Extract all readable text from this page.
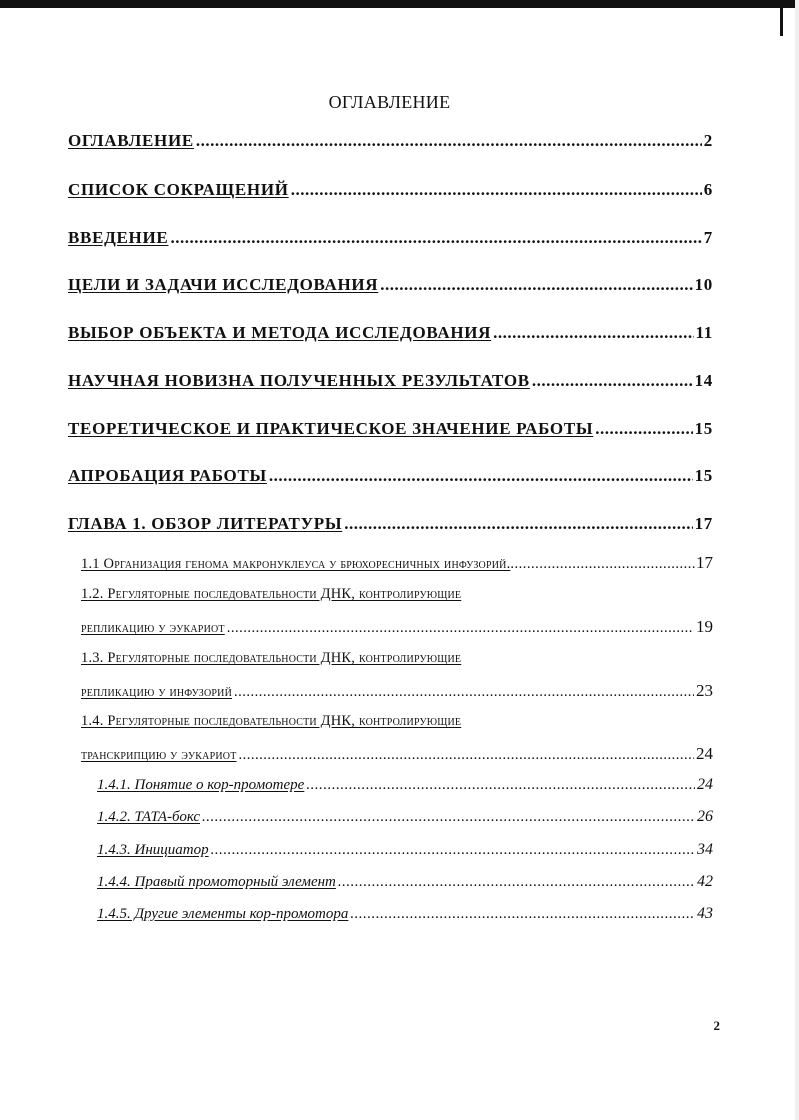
ОГЛАВЛЕНИЕ
ОГЛАВЛЕНИЕ .....	2
СПИСОК СОКРАЩЕНИЙ .....	6
ВВЕДЕНИЕ .....	7
ЦЕЛИ И ЗАДАЧИ ИССЛЕДОВАНИЯ .....	10
ВЫБОР ОБЪЕКТА И МЕТОДА ИССЛЕДОВАНИЯ .....	11
НАУЧНАЯ НОВИЗНА ПОЛУЧЕННЫХ РЕЗУЛЬТАТОВ .....	14
ТЕОРЕТИЧЕСКОЕ И ПРАКТИЧЕСКОЕ ЗНАЧЕНИЕ РАБОТЫ .....	15
АПРОБАЦИЯ РАБОТЫ .....	15
ГЛАВА 1. ОБЗОР ЛИТЕРАТУРЫ .....	17
1.1 Организация генома макронуклеуса у брюхоресничных инфузорий. .....	17
1.2. Регуляторные последовательности ДНК, контролирующие
репликацию у эукариот .....	19
1.3. Регуляторные последовательности ДНК, контролирующие
репликацию у инфузорий .....	23
1.4. Регуляторные последовательности ДНК, контролирующие
транскрипцию у эукариот .....	24
1.4.1. Понятие о кор-промотере .....	24
1.4.2. ТАТА-бокс .....	26
1.4.3. Инициатор .....	34
1.4.4. Правый промоторный элемент .....	42
1.4.5. Другие элементы кор-промотора .....	43
2
